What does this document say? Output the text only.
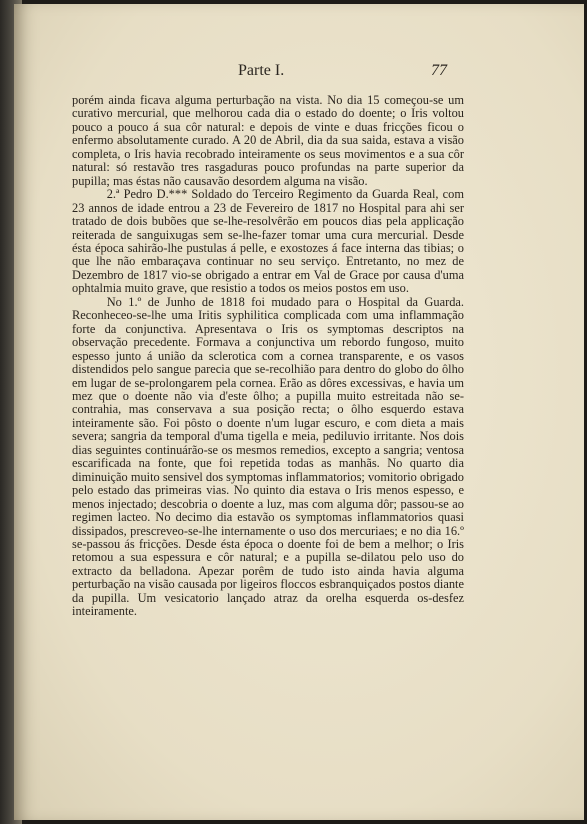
Parte I.	77

porém ainda ficava alguma perturbação na vista. No dia 15 começou-se um curativo mercurial, que melhorou cada dia o estado do doente; o Iris voltou pouco a pouco á sua côr natural: e depois de vinte e duas fricções ficou o enfermo absolutamente curado. A 20 de Abril, dia da sua saida, estava a visão completa, o Iris havia recobrado inteiramente os seus movimentos e a sua côr natural: só restavão tres rasgaduras pouco profundas na parte superior da pupilla; mas éstas não causavão desordem alguma na visão.

2.ª Pedro D.*** Soldado do Terceiro Regimento da Guarda Real, com 23 annos de idade entrou a 23 de Fevereiro de 1817 no Hospital para ahi ser tratado de dois bubões que se-lhe-resolvêrão em poucos dias pela applicação reiterada de sanguixugas sem se-lhe-fazer tomar uma cura mercurial. Desde ésta época sahirão-lhe pustulas á pelle, e exostozes á face interna das tibias; o que lhe não embaraçava continuar no seu serviço. Entretanto, no mez de Dezembro de 1817 vio-se obrigado a entrar em Val de Grace por causa d'uma ophtalmia muito grave, que resistio a todos os meios postos em uso.

No 1.º de Junho de 1818 foi mudado para o Hospital da Guarda. Reconheceo-se-lhe uma Iritis syphilitica complicada com uma inflammação forte da conjunctiva. Apresentava o Iris os symptomas descriptos na observação precedente. Formava a conjunctiva um rebordo fungoso, muito espesso junto á união da sclerotica com a cornea transparente, e os vasos distendidos pelo sangue parecia que se-recolhião para dentro do globo do ôlho em lugar de se-prolongarem pela cornea. Erão as dôres excessivas, e havia um mez que o doente não via d'este ôlho; a pupilla muito estreitada não se-contrahia, mas conservava a sua posição recta; o ôlho esquerdo estava inteiramente são. Foi pôsto o doente n'um lugar escuro, e com dieta a mais severa; sangria da temporal d'uma tigella e meia, pediluvio irritante. Nos dois dias seguintes continuárão-se os mesmos remedios, excepto a sangria; ventosa escarificada na fonte, que foi repetida todas as manhãs. No quarto dia diminuição muito sensivel dos symptomas inflammatorios; vomitorio obrigado pelo estado das primeiras vias. No quinto dia estava o Iris menos espesso, e menos injectado; descobria o doente a luz, mas com alguma dôr; passou-se ao regimen lacteo. No decimo dia estavão os symptomas inflammatorios quasi dissipados, prescreveo-se-lhe internamente o uso dos mercuriaes; e no dia 16.º se-passou ás fricções. Desde ésta época o doente foi de bem a melhor; o Iris retomou a sua espessura e côr natural; e a pupilla se-dilatou pelo uso do extracto da belladona. Apezar porêm de tudo isto ainda havia alguma perturbação na visão causada por ligeiros floccos esbranquiçados postos diante da pupilla. Um vesicatorio lançado atraz da orelha esquerda os-desfez inteiramente.
